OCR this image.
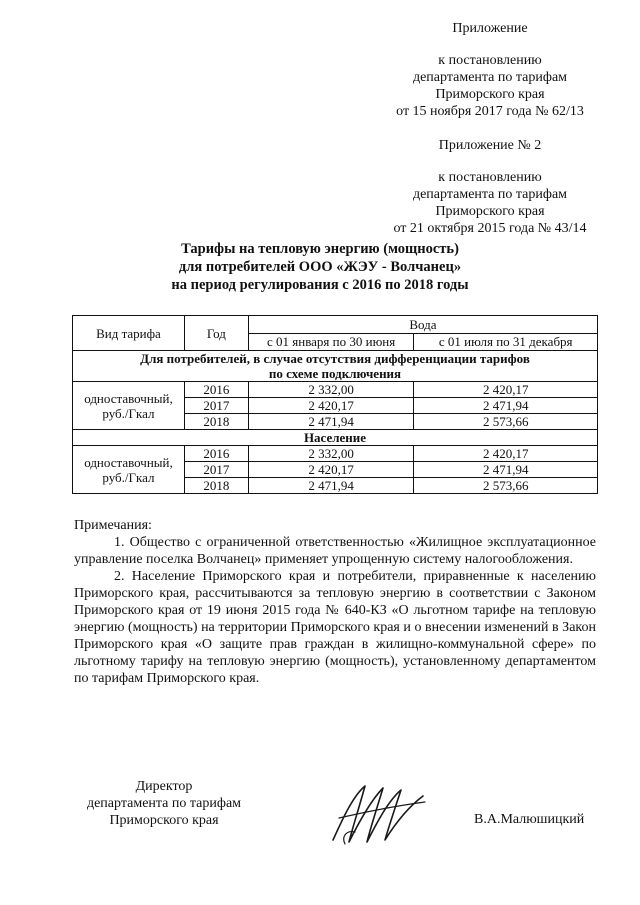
Приложение
к постановлению
департамента по тарифам
Приморского края
от 15 ноября 2017 года № 62/13
Приложение № 2
к постановлению
департамента по тарифам
Приморского края
от 21 октября 2015 года № 43/14
Тарифы на тепловую энергию (мощность)
для потребителей ООО «ЖЭУ - Волчанец»
на период регулирования с 2016 по 2018 годы
Вид тарифа	Год	Вода	
		с 01 января по 30 июня	с 01 июля по 31 декабря

Для потребителей, в случае отсутствия дифференциации тарифов
по схеме подключения			

одноставочный, руб./Гкал	2016	2 332,00	2 420,17
	2017	2 420,17	2 471,94
	2018	2 471,94	2 573,66
Население			
одноставочный, руб./Гкал	2016	2 332,00	2 420,17
	2017	2 420,17	2 471,94
	2018	2 471,94	2 573,66

Примечания:

1. Общество с ограниченной ответственностью «Жилищное эксплуатационное управление поселка Волчанец» применяет упрощенную систему налогообложения.

2. Население Приморского края и потребители, приравненные к населению Приморского края, рассчитываются за тепловую энергию в соответствии с Законом Приморского края от 19 июня 2015 года № 640-КЗ «О льготном тарифе на тепловую энергию (мощность) на территории Приморского края и о внесении изменений в Закон Приморского края «О защите прав граждан в жилищно-коммунальной сфере» по льготному тарифу на тепловую энергию (мощность), установленному департаментом по тарифам Приморского края.

Директор
департамента по тарифам
Приморского края	В.А.Малюшицкий
